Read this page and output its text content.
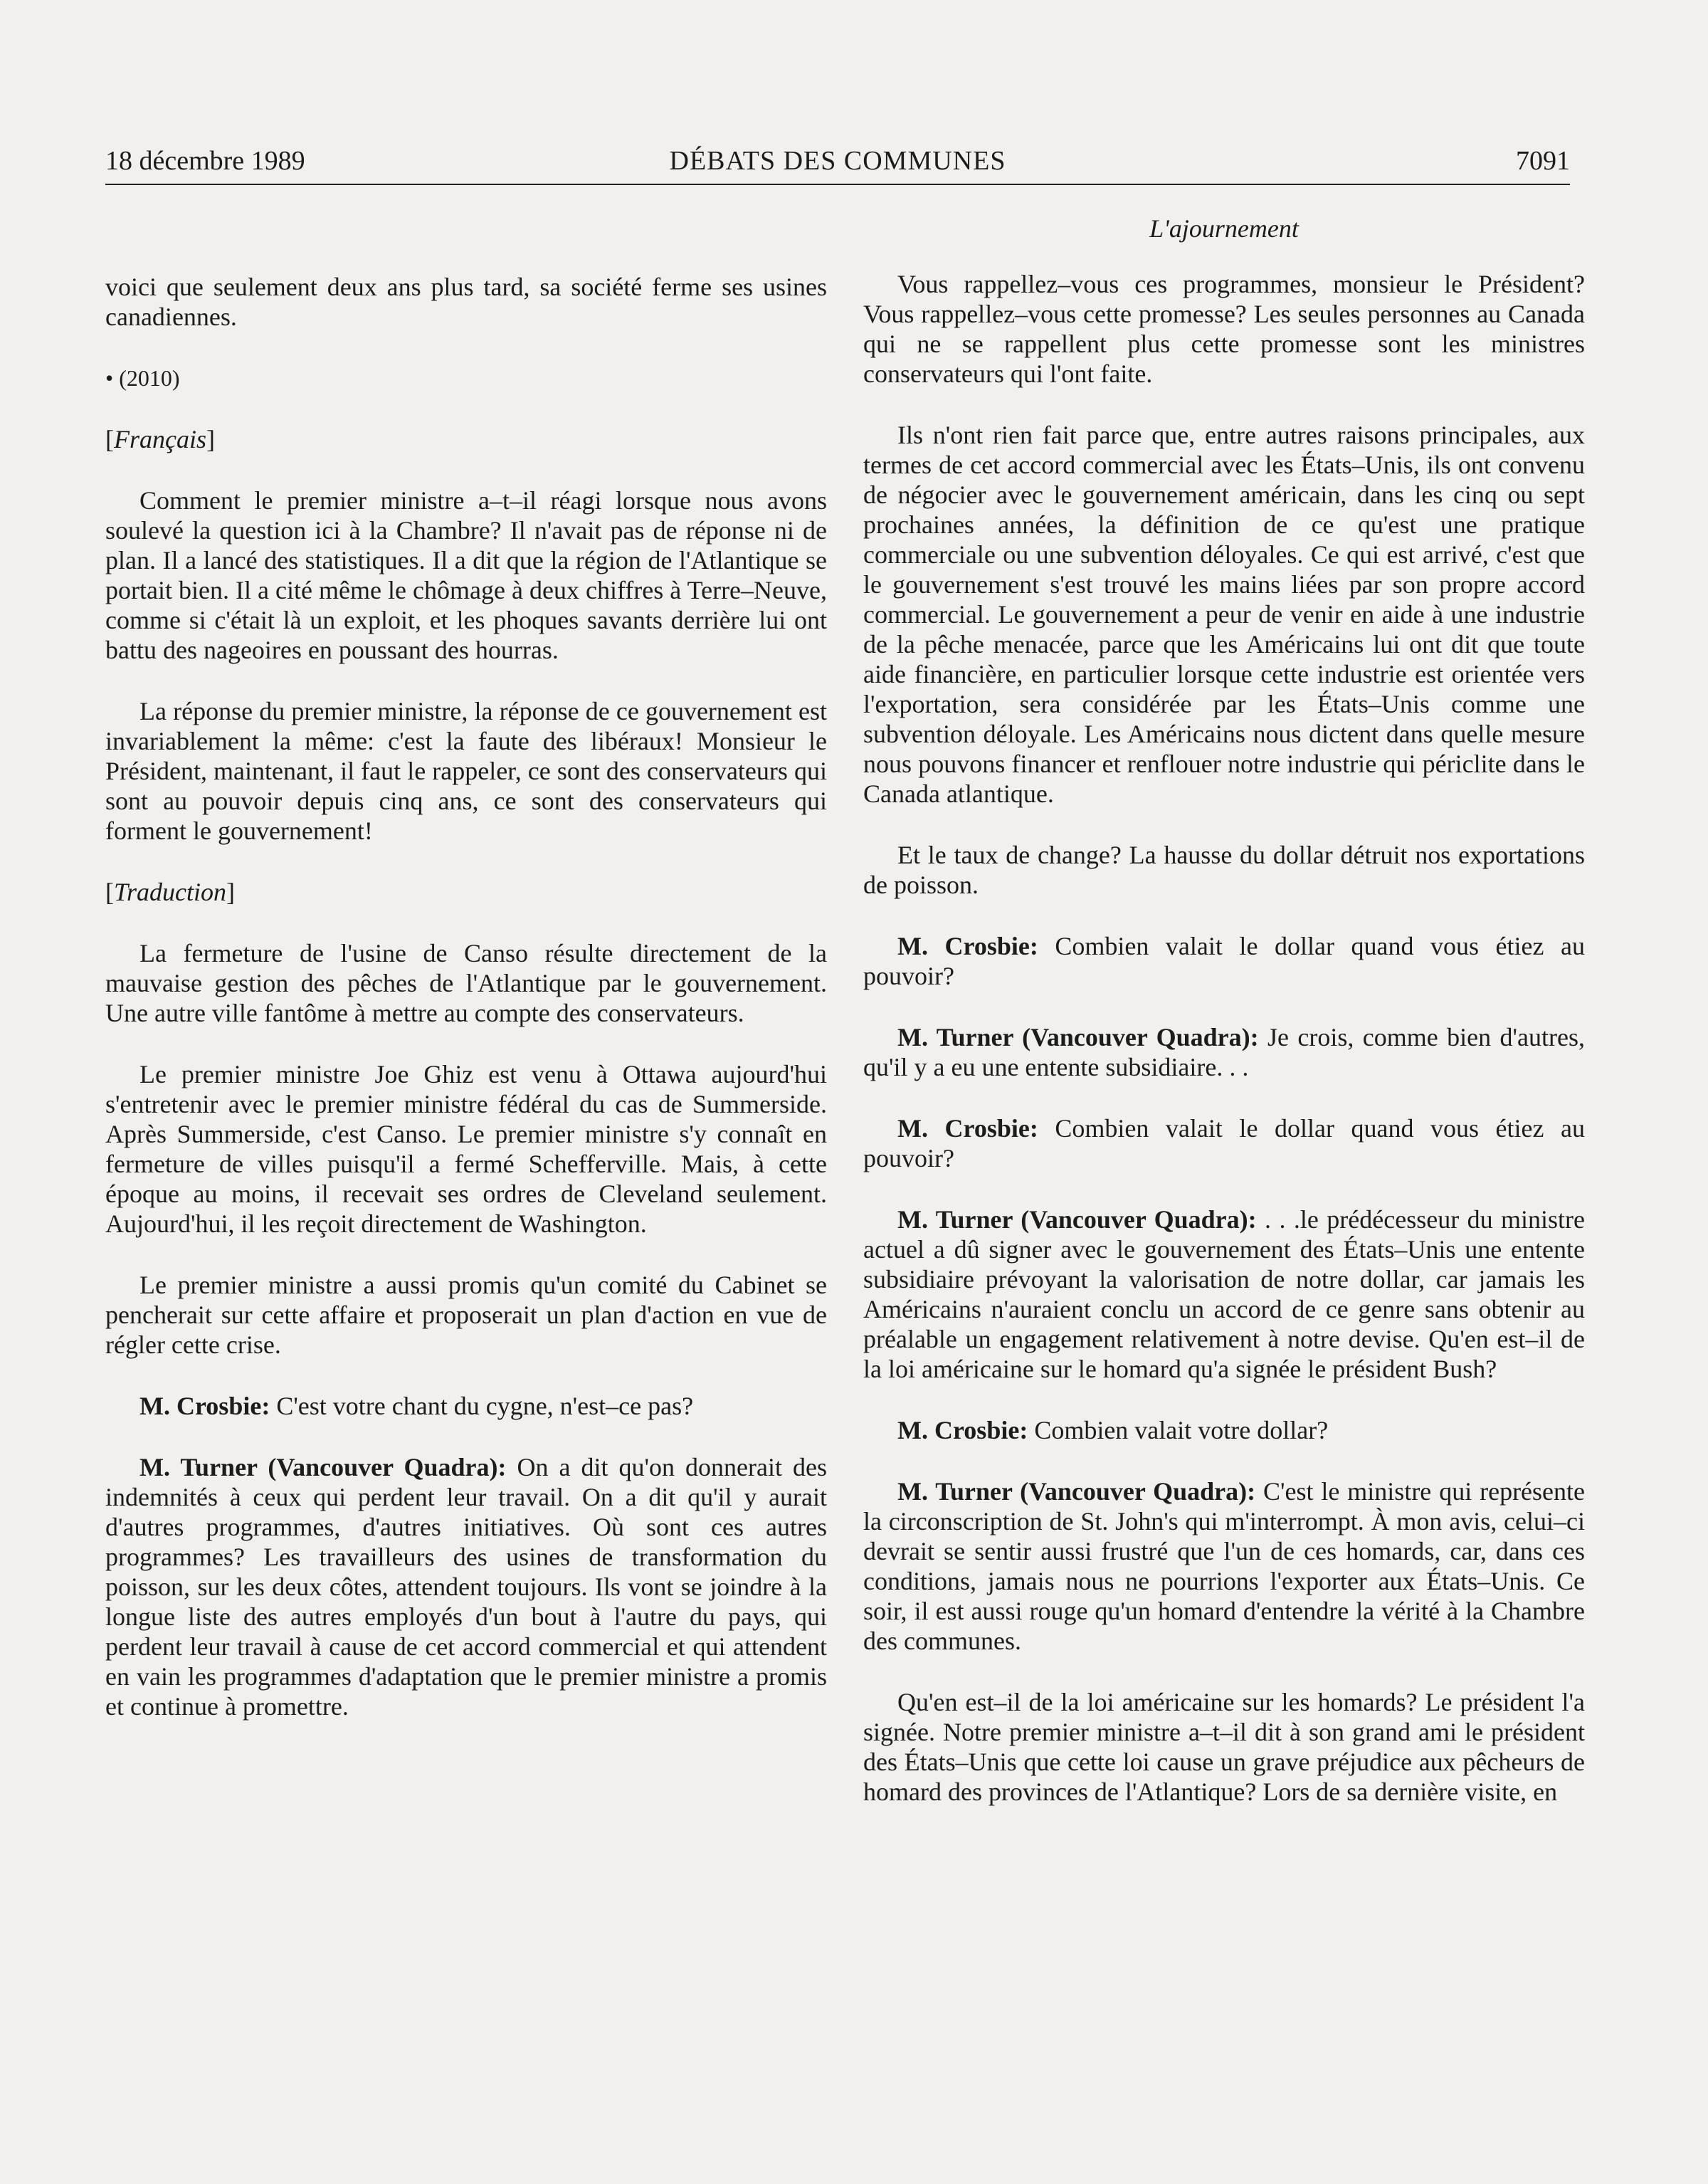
18 décembre 1989	DÉBATS DES COMMUNES	7091

voici que seulement deux ans plus tard, sa société ferme ses usines canadiennes.

• (2010)
[Français]

Comment le premier ministre a–t–il réagi lorsque nous avons soulevé la question ici à la Chambre? Il n'avait pas de réponse ni de plan. Il a lancé des statistiques. Il a dit que la région de l'Atlantique se portait bien. Il a cité même le chômage à deux chiffres à Terre–Neuve, comme si c'était là un exploit, et les phoques savants derrière lui ont battu des nageoires en poussant des hourras.

La réponse du premier ministre, la réponse de ce gouvernement est invariablement la même: c'est la faute des libéraux! Monsieur le Président, maintenant, il faut le rappeler, ce sont des conservateurs qui sont au pouvoir depuis cinq ans, ce sont des conservateurs qui forment le gouvernement!

[Traduction]

La fermeture de l'usine de Canso résulte directement de la mauvaise gestion des pêches de l'Atlantique par le gouvernement. Une autre ville fantôme à mettre au compte des conservateurs.

Le premier ministre Joe Ghiz est venu à Ottawa aujourd'hui s'entretenir avec le premier ministre fédéral du cas de Summerside. Après Summerside, c'est Canso. Le premier ministre s'y connaît en fermeture de villes puisqu'il a fermé Schefferville. Mais, à cette époque au moins, il recevait ses ordres de Cleveland seulement. Aujourd'hui, il les reçoit directement de Washington.

Le premier ministre a aussi promis qu'un comité du Cabinet se pencherait sur cette affaire et proposerait un plan d'action en vue de régler cette crise.

M. Crosbie: C'est votre chant du cygne, n'est–ce pas?

M. Turner (Vancouver Quadra): On a dit qu'on donnerait des indemnités à ceux qui perdent leur travail. On a dit qu'il y aurait d'autres programmes, d'autres initiatives. Où sont ces autres programmes? Les travailleurs des usines de transformation du poisson, sur les deux côtes, attendent toujours. Ils vont se joindre à la longue liste des autres employés d'un bout à l'autre du pays, qui perdent leur travail à cause de cet accord commercial et qui attendent en vain les programmes d'adaptation que le premier ministre a promis et continue à promettre.

L'ajournement

Vous rappellez–vous ces programmes, monsieur le Président? Vous rappellez–vous cette promesse? Les seules personnes au Canada qui ne se rappellent plus cette promesse sont les ministres conservateurs qui l'ont faite.

Ils n'ont rien fait parce que, entre autres raisons principales, aux termes de cet accord commercial avec les États–Unis, ils ont convenu de négocier avec le gouvernement américain, dans les cinq ou sept prochaines années, la définition de ce qu'est une pratique commerciale ou une subvention déloyales. Ce qui est arrivé, c'est que le gouvernement s'est trouvé les mains liées par son propre accord commercial. Le gouvernement a peur de venir en aide à une industrie de la pêche menacée, parce que les Américains lui ont dit que toute aide financière, en particulier lorsque cette industrie est orientée vers l'exportation, sera considérée par les États–Unis comme une subvention déloyale. Les Américains nous dictent dans quelle mesure nous pouvons financer et renflouer notre industrie qui périclite dans le Canada atlantique.

Et le taux de change? La hausse du dollar détruit nos exportations de poisson.

M. Crosbie: Combien valait le dollar quand vous étiez au pouvoir?

M. Turner (Vancouver Quadra): Je crois, comme bien d'autres, qu'il y a eu une entente subsidiaire. . .

M. Crosbie: Combien valait le dollar quand vous étiez au pouvoir?

M. Turner (Vancouver Quadra): . . .le prédécesseur du ministre actuel a dû signer avec le gouvernement des États–Unis une entente subsidiaire prévoyant la valorisation de notre dollar, car jamais les Américains n'auraient conclu un accord de ce genre sans obtenir au préalable un engagement relativement à notre devise. Qu'en est–il de la loi américaine sur le homard qu'a signée le président Bush?

M. Crosbie: Combien valait votre dollar?

M. Turner (Vancouver Quadra): C'est le ministre qui représente la circonscription de St. John's qui m'interrompt. À mon avis, celui–ci devrait se sentir aussi frustré que l'un de ces homards, car, dans ces conditions, jamais nous ne pourrions l'exporter aux États–Unis. Ce soir, il est aussi rouge qu'un homard d'entendre la vérité à la Chambre des communes.

Qu'en est–il de la loi américaine sur les homards? Le président l'a signée. Notre premier ministre a–t–il dit à son grand ami le président des États–Unis que cette loi cause un grave préjudice aux pêcheurs de homard des provinces de l'Atlantique? Lors de sa dernière visite, en
